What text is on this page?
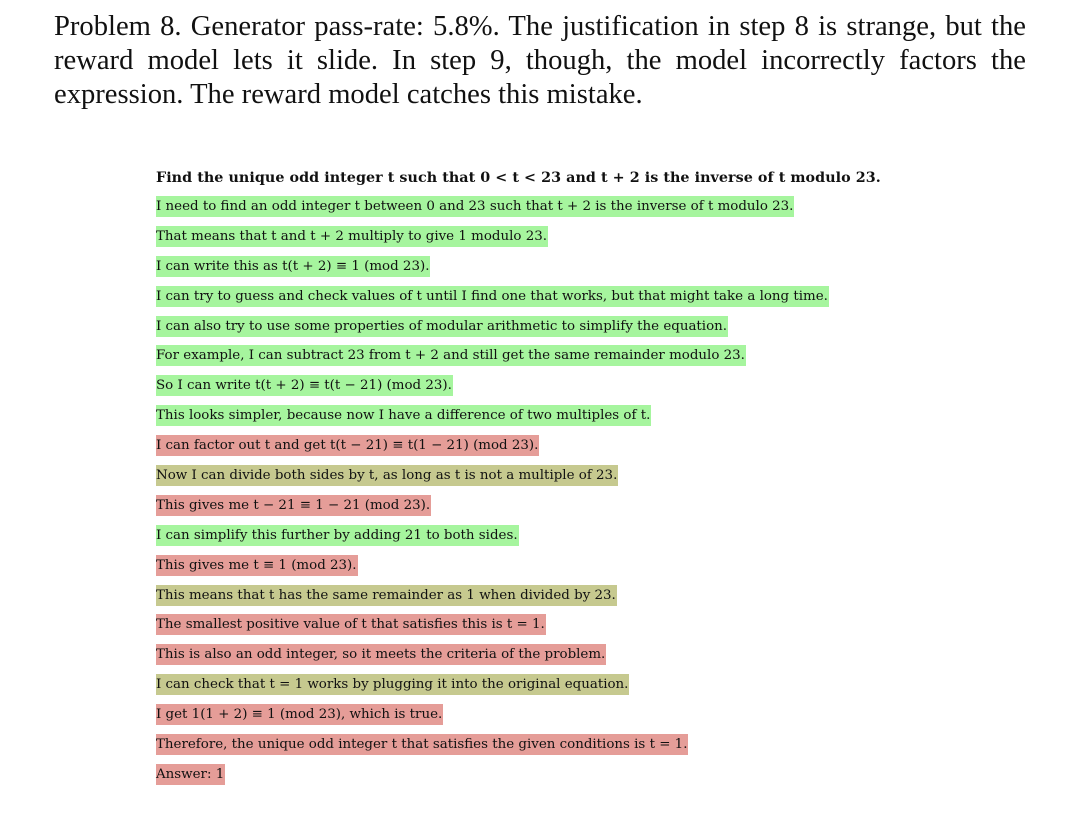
Problem 8. Generator pass-rate: 5.8%. The justification in step 8 is strange, but the reward model lets it slide. In step 9, though, the model incorrectly factors the expression. The reward model catches this mistake.

Find the unique odd integer t such that 0 < t < 23 and t + 2 is the inverse of t modulo 23.
I need to find an odd integer t between 0 and 23 such that t + 2 is the inverse of t modulo 23.
That means that t and t + 2 multiply to give 1 modulo 23.
I can write this as t(t + 2) ≡ 1 (mod 23).
I can try to guess and check values of t until I find one that works, but that might take a long time.
I can also try to use some properties of modular arithmetic to simplify the equation.
For example, I can subtract 23 from t + 2 and still get the same remainder modulo 23.
So I can write t(t + 2) ≡ t(t − 21) (mod 23).
This looks simpler, because now I have a difference of two multiples of t.
I can factor out t and get t(t − 21) ≡ t(1 − 21) (mod 23).
Now I can divide both sides by t, as long as t is not a multiple of 23.
This gives me t − 21 ≡ 1 − 21 (mod 23).
I can simplify this further by adding 21 to both sides.
This gives me t ≡ 1 (mod 23).
This means that t has the same remainder as 1 when divided by 23.
The smallest positive value of t that satisfies this is t = 1.
This is also an odd integer, so it meets the criteria of the problem.
I can check that t = 1 works by plugging it into the original equation.
I get 1(1 + 2) ≡ 1 (mod 23), which is true.
Therefore, the unique odd integer t that satisfies the given conditions is t = 1.
Answer: 1
